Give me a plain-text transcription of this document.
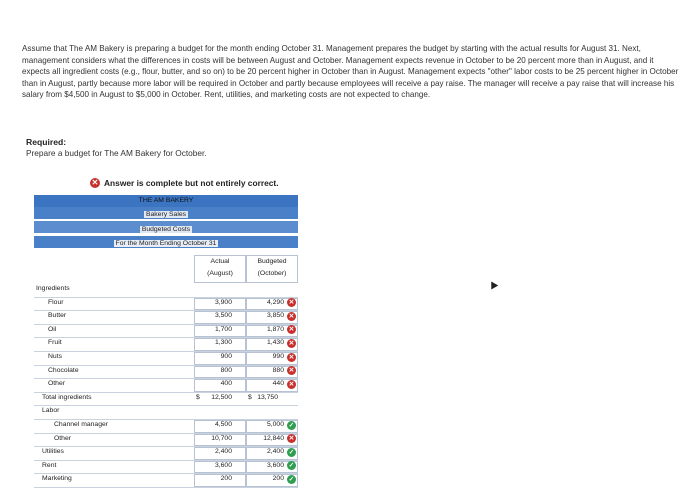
Assume that The AM Bakery is preparing a budget for the month ending October 31. Management prepares the budget by starting with the actual results for August 31. Next, management considers what the differences in costs will be between August and October. Management expects revenue in October to be 20 percent more than in August, and it expects all ingredient costs (e.g., flour, butter, and so on) to be 20 percent higher in October than in August. Management expects "other" labor costs to be 25 percent higher in October than in August, partly because more labor will be required in October and partly because employees will receive a pay raise. The manager will receive a pay raise that will increase his salary from $4,500 in August to $5,000 in October. Rent, utilities, and marketing costs are not expected to change.

Required:
Prepare a budget for The AM Bakery for October.
✕ Answer is complete but not entirely correct.
THE AM BAKERY
Bakery Sales
Budgeted Costs
For the Month Ending October 31
Actual
(August)
Budgeted
(October)
Ingredients
Flour	3,900	4,290 ✕
Butter	3,500	3,850 ✕
Oil	1,700	1,870 ✕
Fruit	1,300	1,430 ✕
Nuts	900	990 ✕
Chocolate	800	880 ✕
Other	400	440 ✕
Total ingredients	$ 12,500 $ 13,750
Labor
Channel manager	4,500	5,000 ✓
Other	10,700	12,840 ✕
Utilities	2,400	2,400 ✓
Rent	3,600	3,600 ✓
Marketing	200	200 ✓
